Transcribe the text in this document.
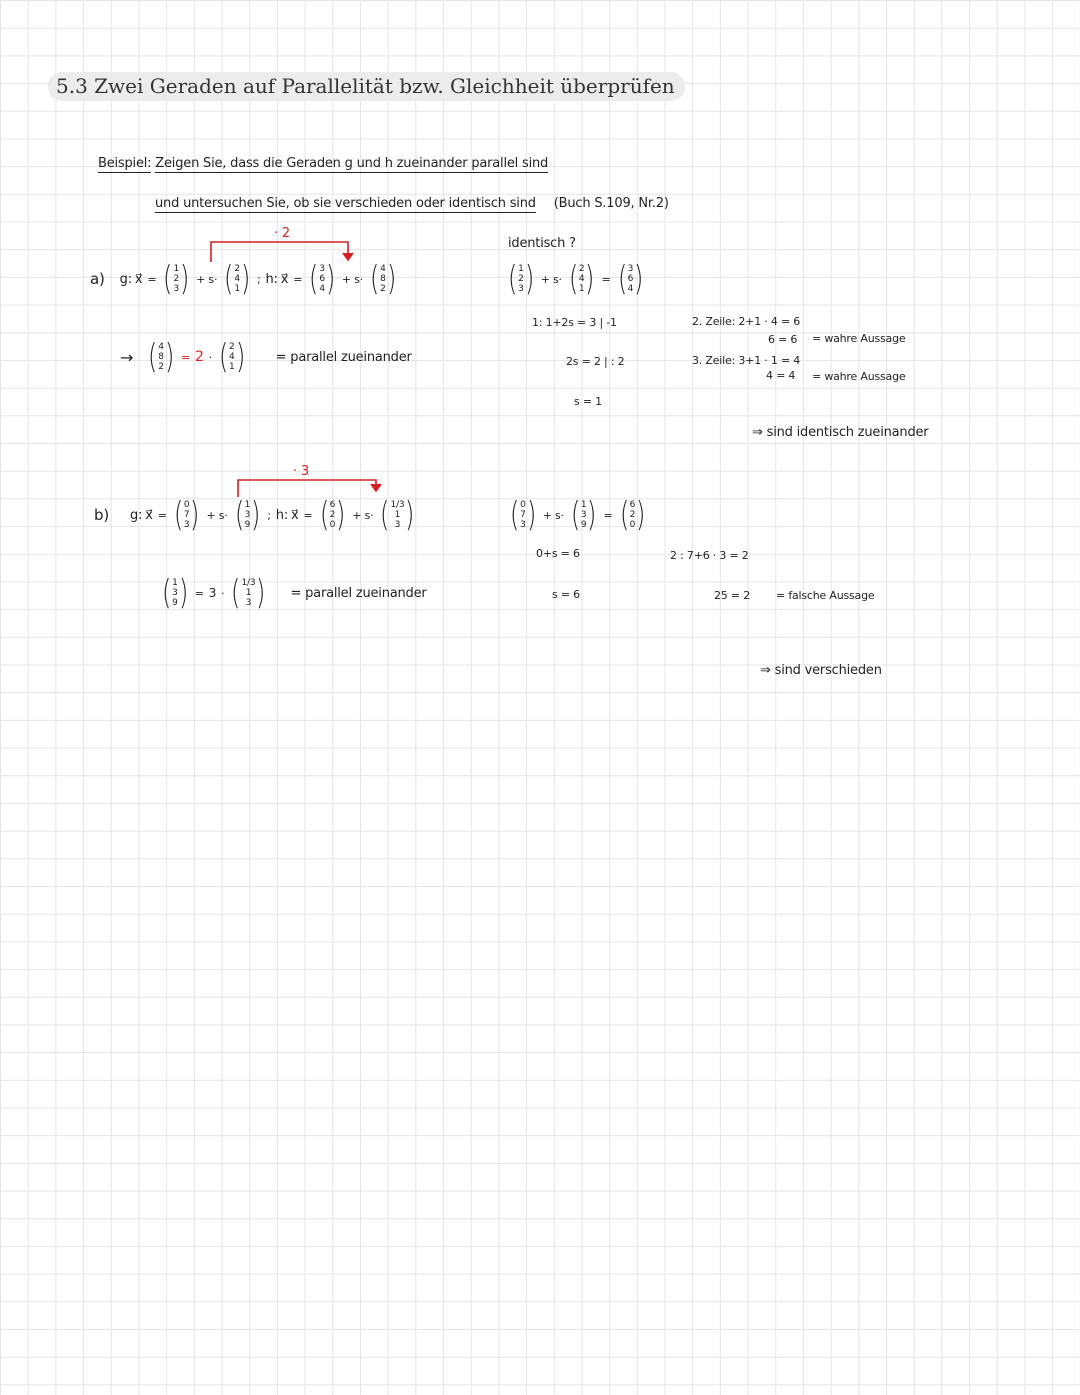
5.3 Zwei Geraden auf Parallelität bzw. Gleichheit überprüfen
Beispiel: Zeigen Sie, dass die Geraden g und h zueinander parallel sind
und untersuchen Sie, ob sie verschieden oder identisch sind (Buch S.109, Nr.2)
· 2
a) g: x⃗ = ( 1
2
3 ) + s· ( 2
4
1 ) ; h: x⃗ = ( 3
6
4 ) + s· ( 4
8
2 )
→ ( 4
8
2 ) = 2 · ( 2
4
1 ) = parallel zueinander
identisch ?
( 1
2
3 ) + s· ( 2
4
1 ) = ( 3
6
4 )
1: 1+2s = 3 | -1
2s = 2 | : 2
s = 1
2. Zeile: 2+1 · 4 = 6
6 = 6 = wahre Aussage
3. Zeile: 3+1 · 1 = 4
4 = 4 = wahre Aussage
⇒ sind identisch zueinander
· 3
b) g: x⃗ = ( 0
7
3 ) + s· ( 1
3
9 ) ; h: x⃗ = ( 6
2
0 ) + s· ( 1/3
1
3 )
( 1
3
9 ) = 3 · ( 1/3
1
3 ) = parallel zueinander
( 0
7
3 ) + s· ( 1
3
9 ) = ( 6
2
0 )
0+s = 6
s = 6
2 : 7+6 · 3 = 2
25 = 2 = falsche Aussage
⇒ sind verschieden
